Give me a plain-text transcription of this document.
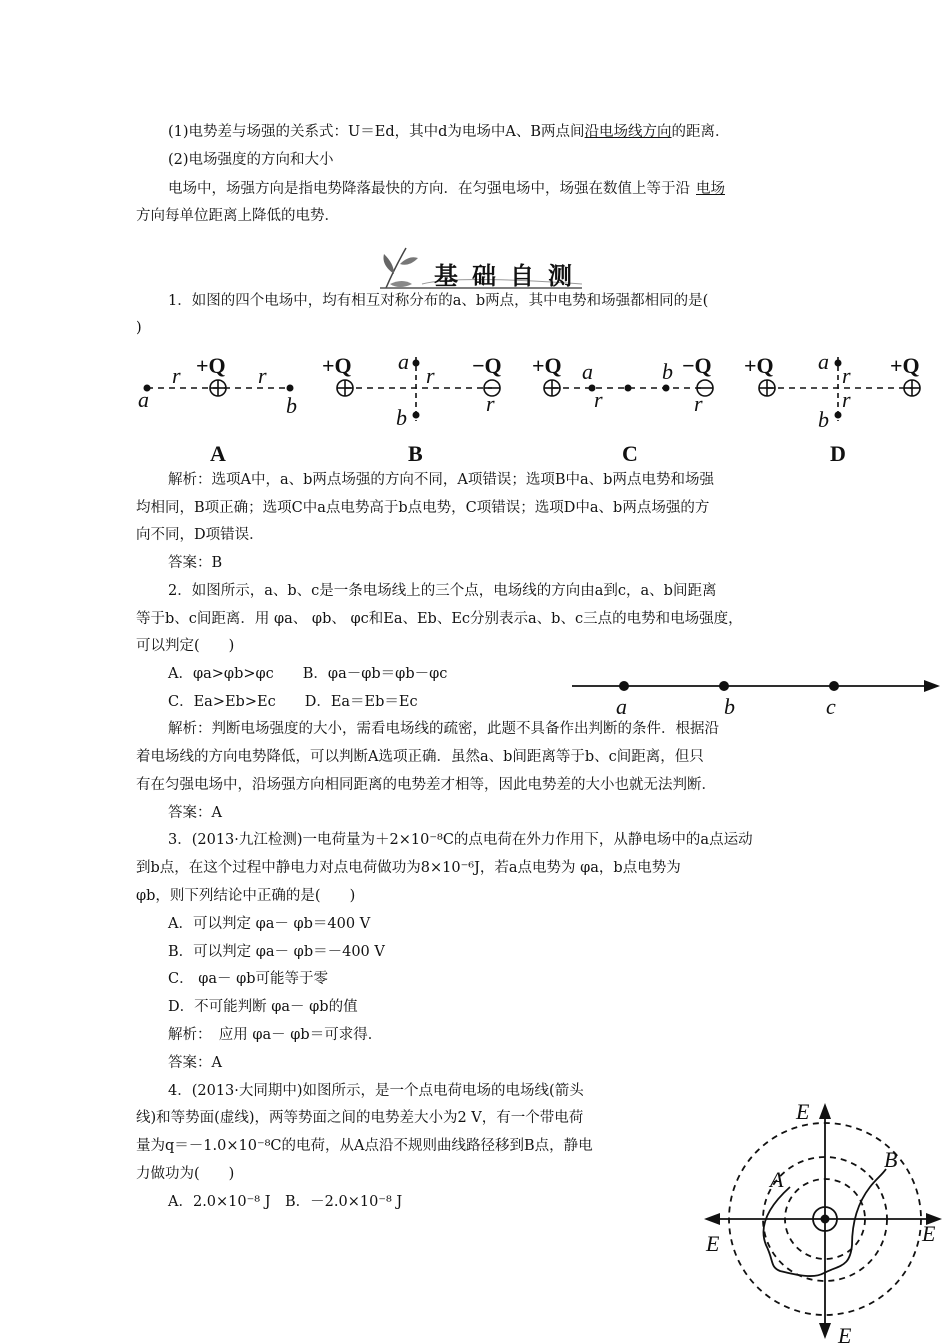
(1)电势差与场强的关系式：U＝Ed，其中d为电场中A、B两点间沿电场线方向的距离．
(2)电场强度的方向和大小
电场中，场强方向是指电势降落最快的方向．在匀强电场中，场强在数值上等于沿 电场
方向每单位距离上降低的电势．
基础自测
1．如图的四个电场中，均有相互对称分布的a、b两点，其中电势和场强都相同的是(
)
a
r	r
b
+Q	+Q a
r −Q
r
b
+Q a
r
b −Q
r
+Q a
r
r
b
+Q
A	B	C	D
解析：选项A中，a、b两点场强的方向不同，A项错误；选项B中a、b两点电势和场强
均相同，B项正确；选项C中a点电势高于b点电势，C项错误；选项D中a、b两点场强的方
向不同，D项错误．
答案：B
2．如图所示，a、b、c是一条电场线上的三个点，电场线的方向由a到c，a、b间距离
等于b、c间距离．用 φa、 φb、 φc和Ea、Eb、Ec分别表示a、b、c三点的电势和电场强度，
可以判定(　　)
A．φa>φb>φc　　B．φa－φb＝φb－φc
C．Ea>Eb>Ec　　D．Ea＝Eb＝Ec	a	b	c
解析：判断电场强度的大小，需看电场线的疏密，此题不具备作出判断的条件．根据沿
着电场线的方向电势降低，可以判断A选项正确．虽然a、b间距离等于b、c间距离，但只
有在匀强电场中，沿场强方向相同距离的电势差才相等，因此电势差的大小也就无法判断．
答案：A
3．(2013·九江检测)一电荷量为＋2×10⁻⁸C的点电荷在外力作用下，从静电场中的a点运动
到b点，在这个过程中静电力对点电荷做功为8×10⁻⁶J，若a点电势为 φa，b点电势为
φb，则下列结论中正确的是(　　)
A．可以判定 φa－ φb＝400 V
B．可以判定 φa－ φb＝－400 V
C． φa－ φb可能等于零
D．不可能判断 φa－ φb的值
解析：　应用 φa－ φb＝可求得．
答案：A
4．(2013·大同期中)如图所示，是一个点电荷电场的电场线(箭头
线)和等势面(虚线)，两等势面之间的电势差大小为2 V，有一个带电荷
量为q＝－1.0×10⁻⁸C的电荷，从A点沿不规则曲线路径移到B点，静电
力做功为(　　)
A．2.0×10⁻⁸ J　B．－2.0×10⁻⁸ J
E
E	E
E
A
B
